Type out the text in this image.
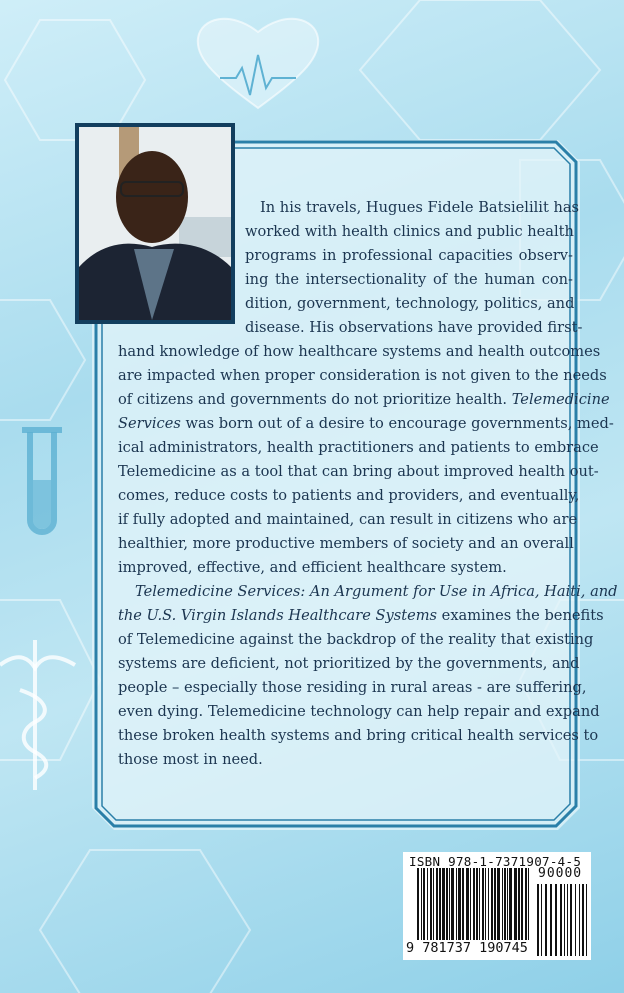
In his travels, Hugues Fidele Batsielilit has
worked with health clinics and public health
programs in professional capacities observ-
ing the intersectionality of the human con-
dition, government, technology, politics, and
disease. His observations have provided first-
hand knowledge of how healthcare systems and health outcomes
are impacted when proper consideration is not given to the needs
of citizens and governments do not prioritize health. Telemedicine
Services was born out of a desire to encourage governments, med-
ical administrators, health practitioners and patients to embrace
Telemedicine as a tool that can bring about improved health out-
comes, reduce costs to patients and providers, and eventually,
if fully adopted and maintained, can result in citizens who are
healthier, more productive members of society and an overall
improved, effective, and efficient healthcare system.
Telemedicine Services: An Argument for Use in Africa, Haiti, and
the U.S. Virgin Islands Healthcare Systems examines the benefits
of Telemedicine against the backdrop of the reality that existing
systems are deficient, not prioritized by the governments, and
people – especially those residing in rural areas - are suffering,
even dying. Telemedicine technology can help repair and expand
these broken health systems and bring critical health services to
those most in need.
ISBN 978-1-7371907-4-5
90000
9 781737 190745
